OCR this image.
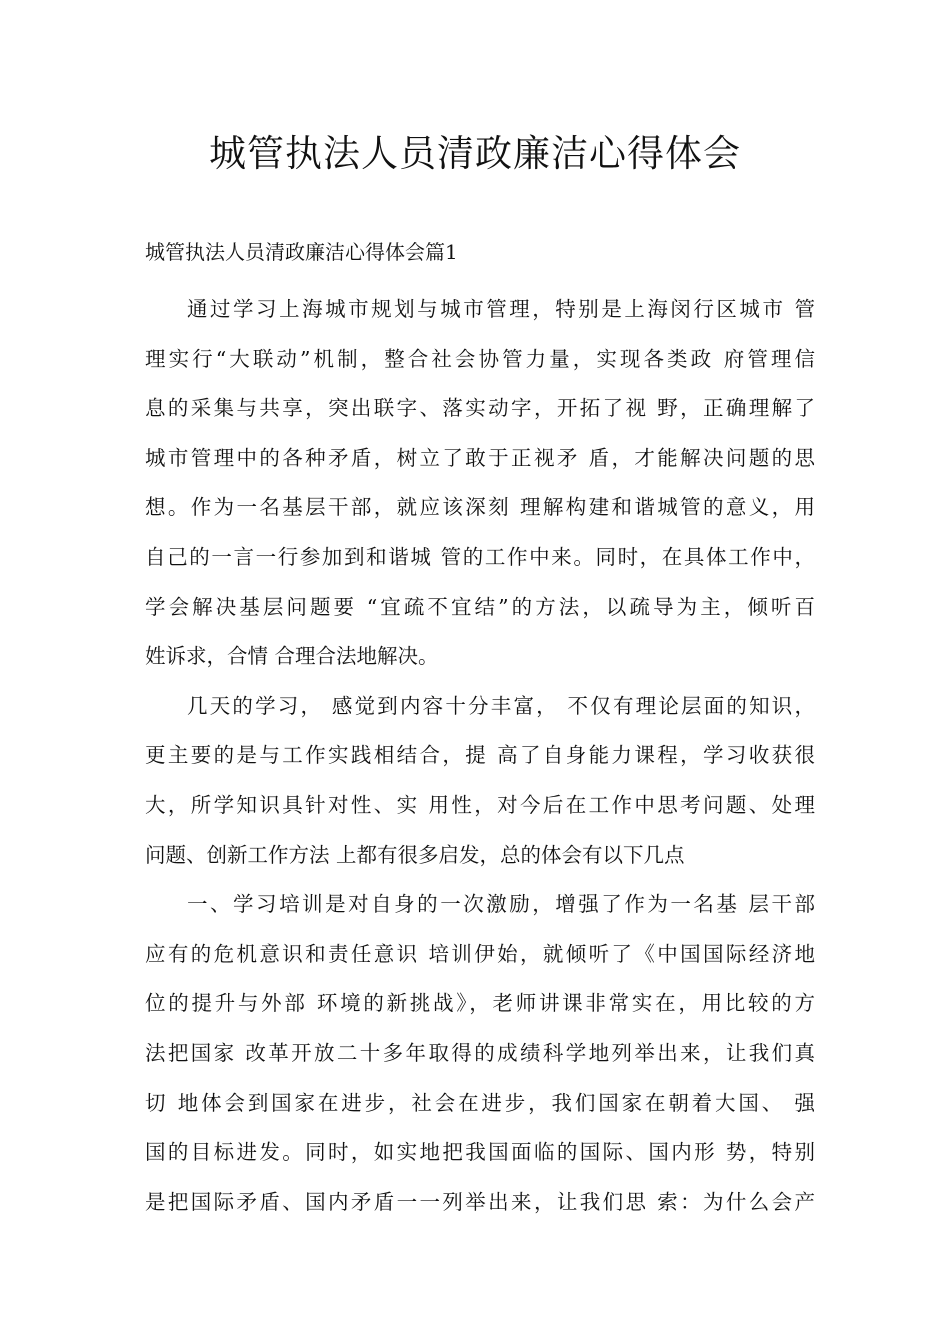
城管执法人员清政廉洁心得体会

城管执法人员清政廉洁心得体会篇1

通过学习上海城市规划与城市管理，特别是上海闵行区城市 管
理实行“大联动”机制，整合社会协管力量，实现各类政 府管理信
息的采集与共享，突出联字、落实动字，开拓了视 野，正确理解了
城市管理中的各种矛盾，树立了敢于正视矛 盾，才能解决问题的思
想。作为一名基层干部，就应该深刻 理解构建和谐城管的意义，用
自己的一言一行参加到和谐城 管的工作中来。同时，在具体工作中，
学会解决基层问题要 “宜疏不宜结”的方法，以疏导为主，倾听百
姓诉求，合情 合理合法地解决。

几天的学习， 感觉到内容十分丰富， 不仅有理论层面的知识，
更主要的是与工作实践相结合，提 高了自身能力课程，学习收获很
大，所学知识具针对性、实 用性，对今后在工作中思考问题、处理
问题、创新工作方法 上都有很多启发，总的体会有以下几点

一、学习培训是对自身的一次激励，增强了作为一名基 层干部
应有的危机意识和责任意识 培训伊始，就倾听了《中国国际经济地
位的提升与外部 环境的新挑战》，老师讲课非常实在，用比较的方
法把国家 改革开放二十多年取得的成绩科学地列举出来，让我们真
切 地体会到国家在进步，社会在进步，我们国家在朝着大国、 强
国的目标进发。同时，如实地把我国面临的国际、国内形 势，特别
是把国际矛盾、国内矛盾一一列举出来，让我们思 索：为什么会产
